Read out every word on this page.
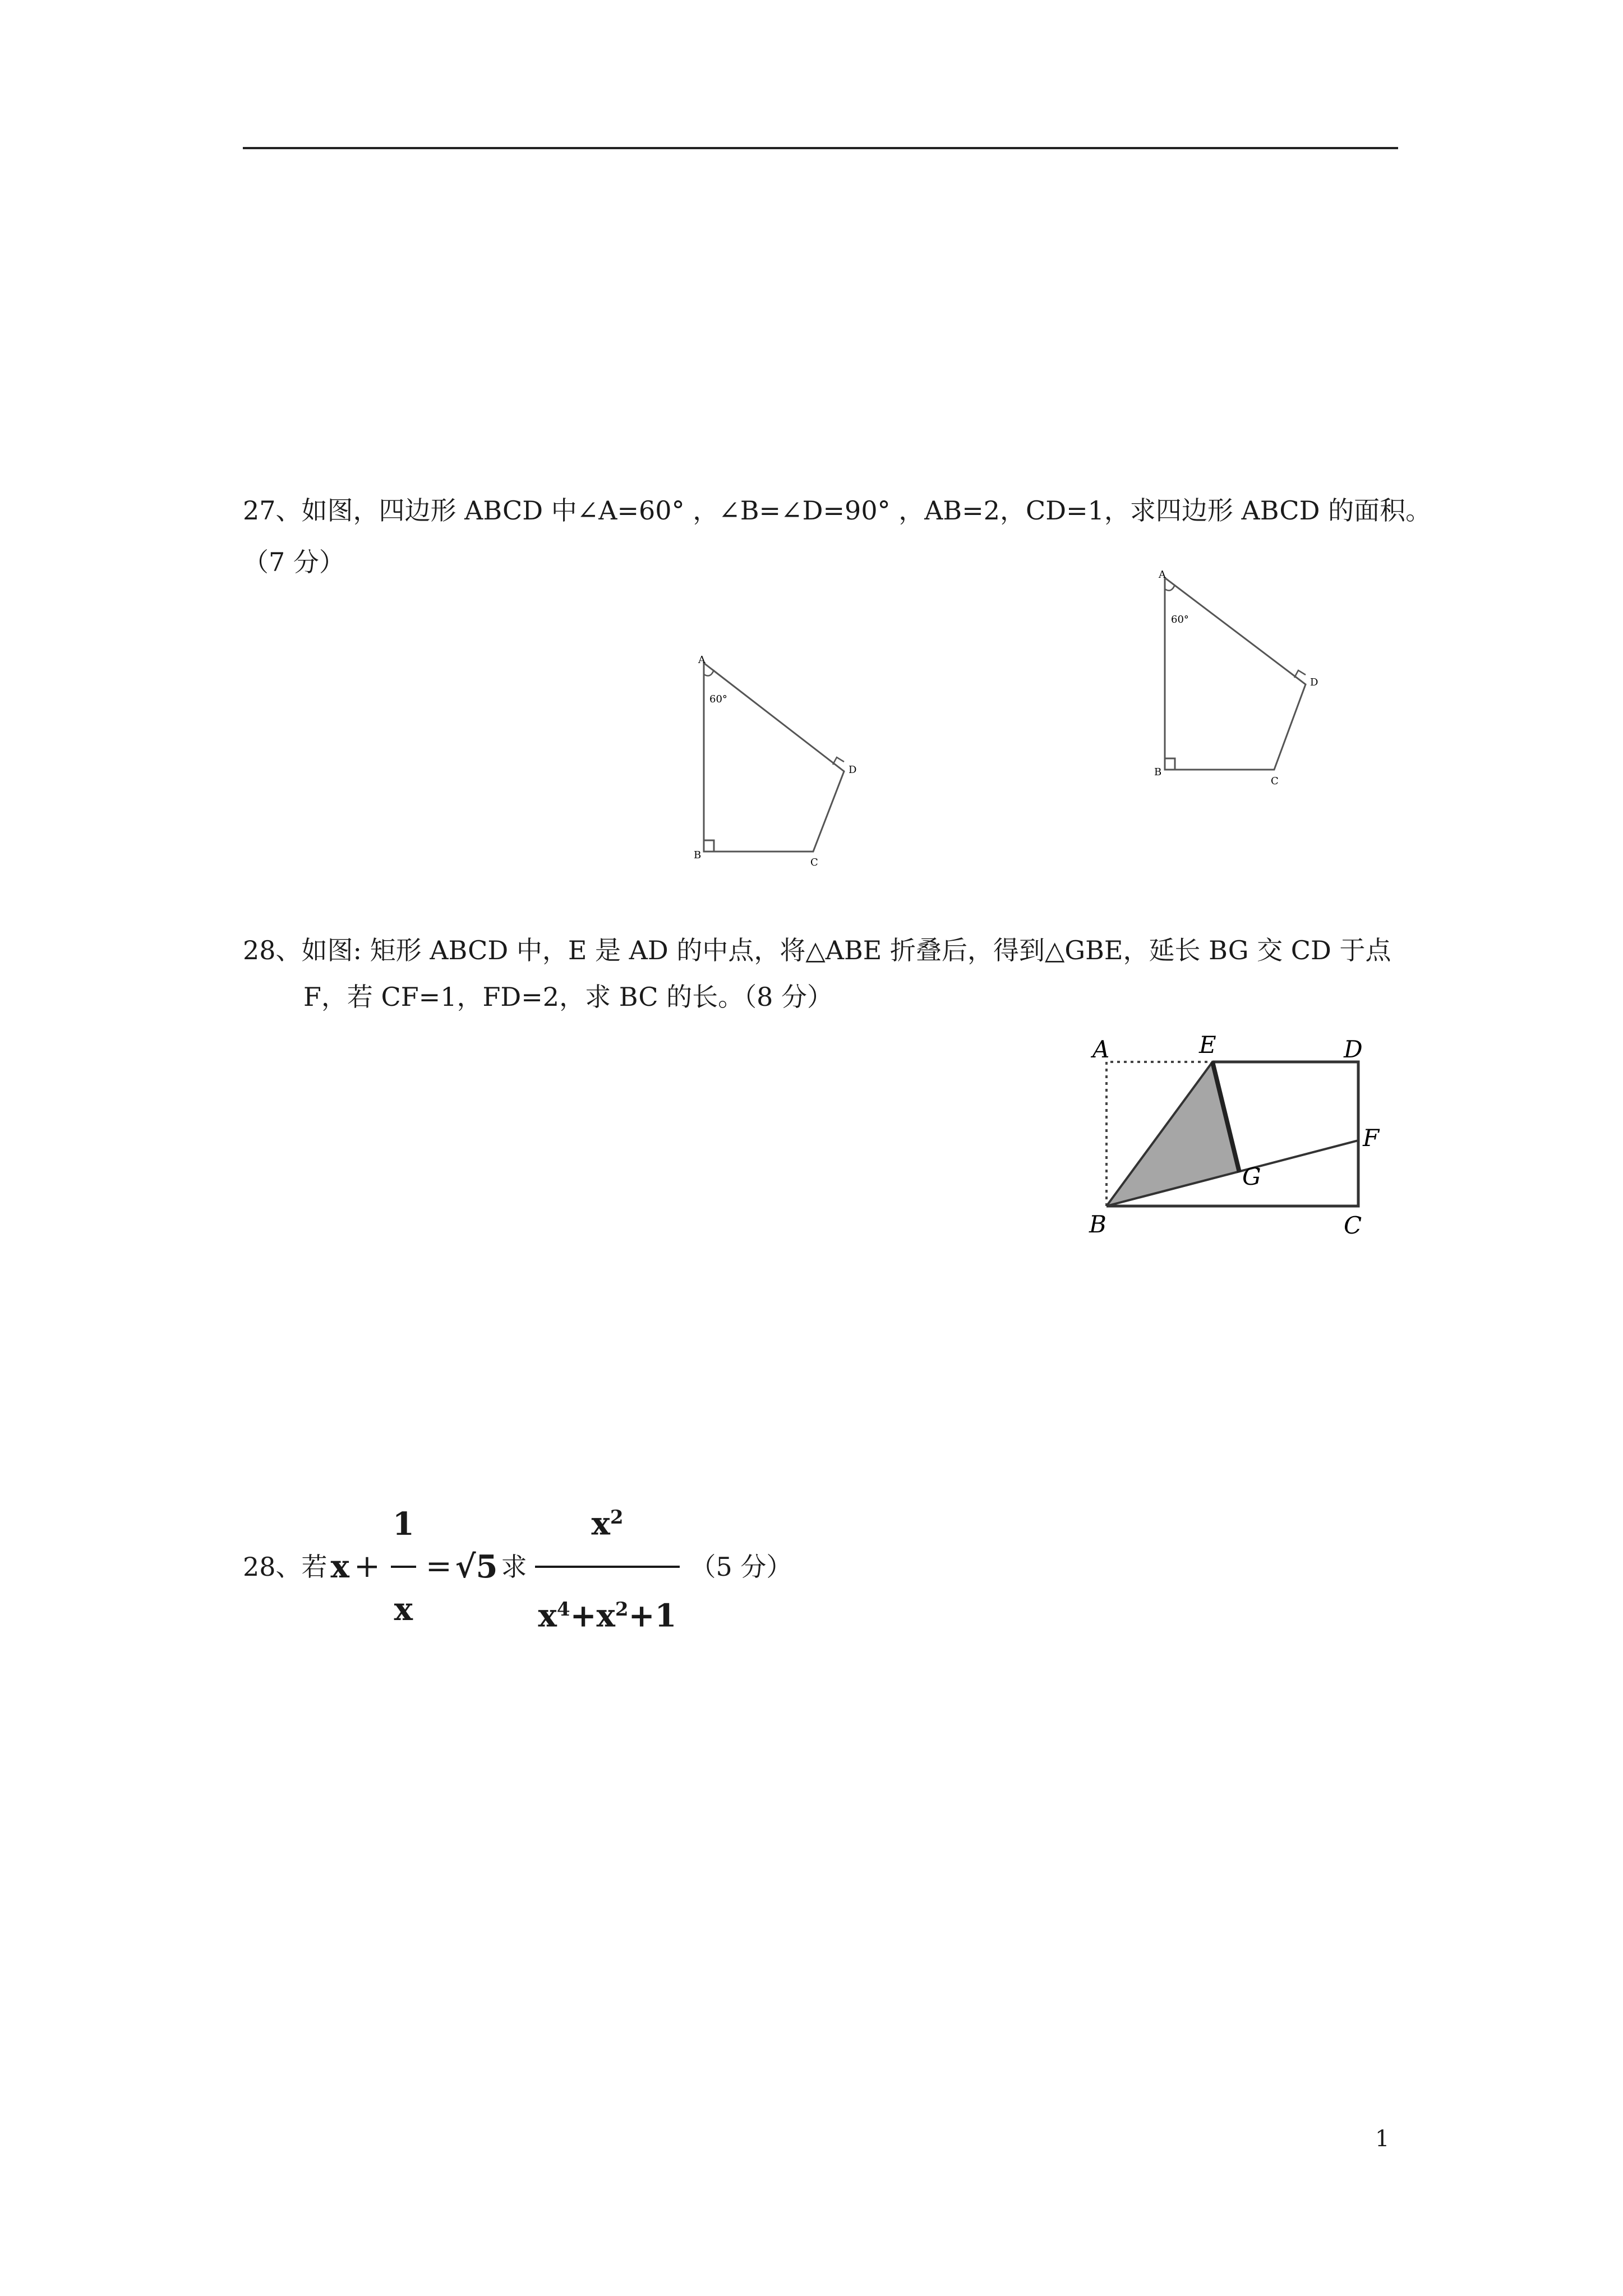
27、如图，四边形 ABCD 中∠A=60° ，∠B=∠D=90° ，AB=2，CD=1，求四边形 ABCD 的面积。
（7 分）
A
60°
B
C
D
A
60°
B
C
D
28、如图: 矩形 ABCD 中，E 是 AD 的中点，将△ABE 折叠后，得到△GBE，延长 BG 交 CD 于点
F，若 CF=1，FD=2，求 BC 的长。（8 分）
A	E	D
F
G
B	C
28、若 $x + \frac{1}{x} = √5$ 求 $\frac{x^2}{x^4+x^2+1} (5$ 分）
1
